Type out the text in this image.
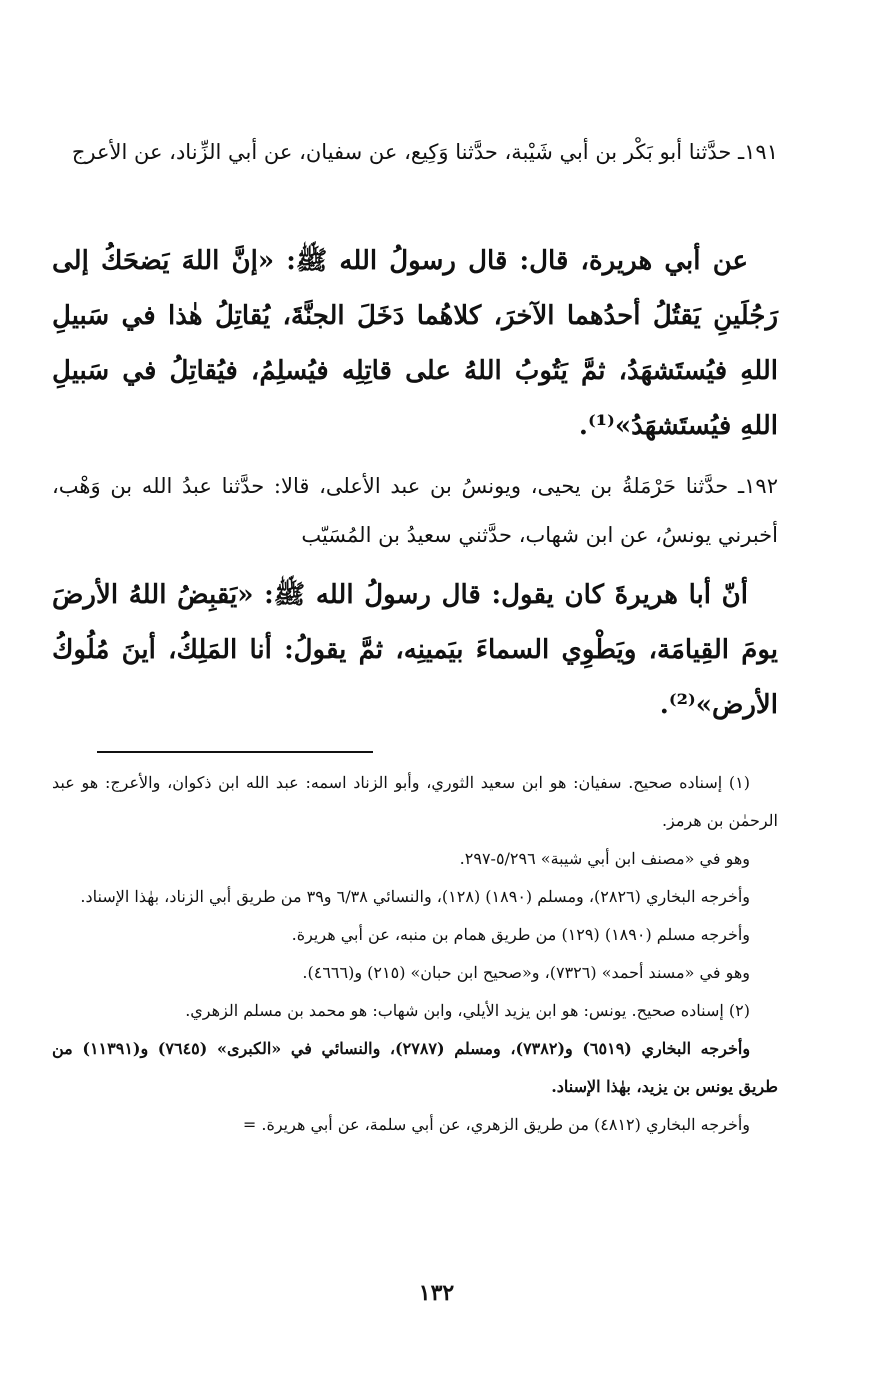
١٩١ـ حدَّثنا أبو بَكْر بن أبي شَيْبة، حدَّثنا وَكِيع، عن سفيان، عن أبي الزِّناد، عن الأعرج

عن أبي هريرة، قال: قال رسولُ الله ﷺ: «إنَّ اللهَ يَضحَكُ إلى رَجُلَينِ يَقتُلُ أحدُهما الآخرَ، كلاهُما دَخَلَ الجنَّةَ، يُقاتِلُ هٰذا في سَبيلِ اللهِ فيُستَشهَدُ، ثمَّ يَتُوبُ اللهُ على قاتِلِه فيُسلِمُ، فيُقاتِلُ في سَبيلِ اللهِ فيُستَشهَدُ»⁽¹⁾.

١٩٢ـ حدَّثنا حَرْمَلةُ بن يحيى، ويونسُ بن عبد الأعلى، قالا: حدَّثنا عبدُ الله بن وَهْب، أخبرني يونسُ، عن ابن شهاب، حدَّثني سعيدُ بن المُسَيّب

أنّ أبا هريرةَ كان يقول: قال رسولُ الله ﷺ: «يَقبِضُ اللهُ الأرضَ يومَ القِيامَة، ويَطْوِي السماءَ بيَمينِه، ثمَّ يقولُ: أنا المَلِكُ، أينَ مُلُوكُ الأرض»⁽²⁾.

(١) إسناده صحيح. سفيان: هو ابن سعيد الثوري، وأبو الزناد اسمه: عبد الله ابن ذكوان، والأعرج: هو عبد الرحمٰن بن هرمز.

وهو في «مصنف ابن أبي شيبة» ٥/٢٩٦-٢٩٧.

وأخرجه البخاري (٢٨٢٦)، ومسلم (١٨٩٠) (١٢٨)، والنسائي ٦/٣٨ و٣٩ من طريق أبي الزناد، بهٰذا الإسناد.

وأخرجه مسلم (١٨٩٠) (١٢٩) من طريق همام بن منبه، عن أبي هريرة.

وهو في «مسند أحمد» (٧٣٢٦)، و«صحيح ابن حبان» (٢١٥) و(٤٦٦٦).

(٢) إسناده صحيح. يونس: هو ابن يزيد الأيلي، وابن شهاب: هو محمد بن مسلم الزهري.

وأخرجه البخاري (٦٥١٩) و(٧٣٨٢)، ومسلم (٢٧٨٧)، والنسائي في «الكبرى» (٧٦٤٥) و(١١٣٩١) من طريق يونس بن يزيد، بهٰذا الإسناد.

وأخرجه البخاري (٤٨١٢) من طريق الزهري، عن أبي سلمة، عن أبي هريرة. =

١٣٢
